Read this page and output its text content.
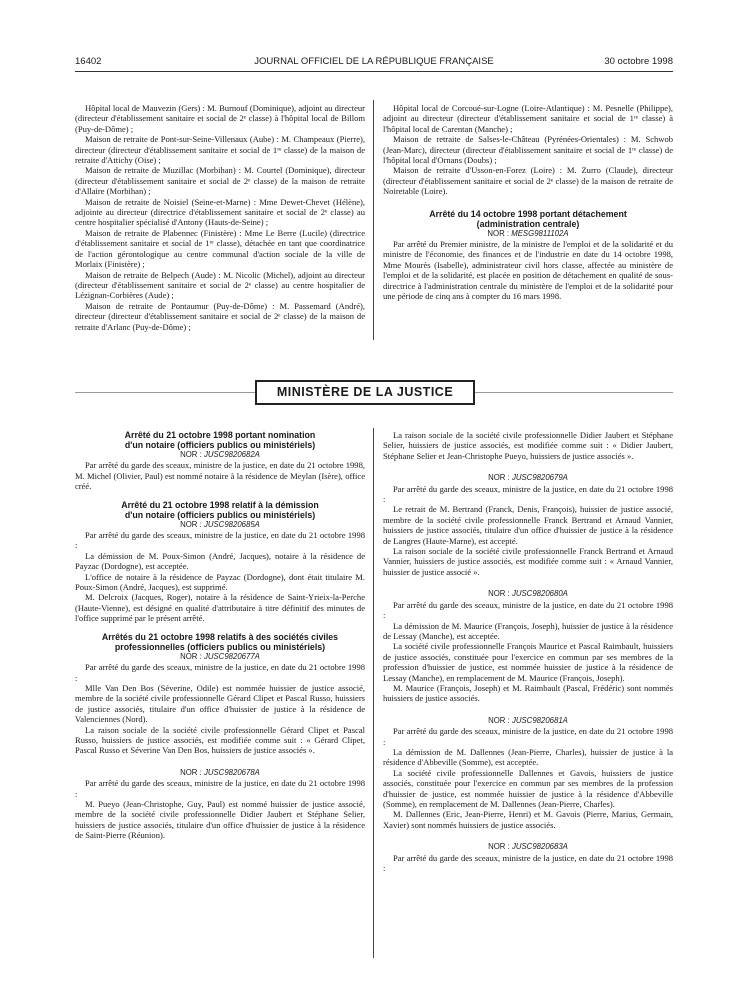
16402	JOURNAL OFFICIEL DE LA RÉPUBLIQUE FRANÇAISE	30 octobre 1998

Hôpital local de Mauvezin (Gers) : M. Burnouf (Dominique), adjoint au directeur (directeur d'établissement sanitaire et social de 2ᵉ classe) à l'hôpital local de Billom (Puy-de-Dôme) ;

Maison de retraite de Pont-sur-Seine-Villenaux (Aube) : M. Champeaux (Pierre), directeur (directeur d'établissement sanitaire et social de 1ʳᵉ classe) de la maison de retraite d'Attichy (Oise) ;

Maison de retraite de Muzillac (Morbihan) : M. Courtel (Dominique), directeur (directeur d'établissement sanitaire et social de 2ᵉ classe) de la maison de retraite d'Allaire (Morbihan) ;

Maison de retraite de Noisiel (Seine-et-Marne) : Mme Dewet-Chevet (Hélène), adjointe au directeur (directrice d'établissement sanitaire et social de 2ᵉ classe) au centre hospitalier spécialisé d'Antony (Hauts-de-Seine) ;

Maison de retraite de Plabennec (Finistère) : Mme Le Berre (Lucile) (directrice d'établissement sanitaire et social de 1ʳᵉ classe), détachée en tant que coordinatrice de l'action gérontologique au centre communal d'action sociale de la ville de Morlaix (Finistère) ;

Maison de retraite de Belpech (Aude) : M. Nicolic (Michel), adjoint au directeur (directeur d'établissement sanitaire et social de 2ᵉ classe) au centre hospitalier de Lézignan-Corbières (Aude) ;

Maison de retraite de Pontaumur (Puy-de-Dôme) : M. Passemard (André), directeur (directeur d'établissement sanitaire et social de 2ᵉ classe) de la maison de retraite d'Arlanc (Puy-de-Dôme) ;

Hôpital local de Corcoué-sur-Logne (Loire-Atlantique) : M. Pesnelle (Philippe), adjoint au directeur (directeur d'établissement sanitaire et social de 1ʳᵉ classe) à l'hôpital local de Carentan (Manche) ;

Maison de retraite de Salses-le-Château (Pyrénées-Orientales) : M. Schwob (Jean-Marc), directeur (directeur d'établissement sanitaire et social de 1ʳᵉ classe) de l'hôpital local d'Ornans (Doubs) ;

Maison de retraite d'Usson-en-Forez (Loire) : M. Zurro (Claude), directeur (directeur d'établissement sanitaire et social de 2ᵉ classe) de la maison de retraite de Noiretable (Loire).

Arrêté du 14 octobre 1998 portant détachement

(administration centrale)

NOR : MESG9811102A

Par arrêté du Premier ministre, de la ministre de l'emploi et de la solidarité et du ministre de l'économie, des finances et de l'industrie en date du 14 octobre 1998, Mme Mourès (Isabelle), administrateur civil hors classe, affectée au ministère de l'emploi et de la solidarité, est placée en position de détachement en qualité de sous-directrice à l'administration centrale du ministère de l'emploi et de la solidarité pour une période de cinq ans à compter du 16 mars 1998.

MINISTÈRE DE LA JUSTICE

Arrêté du 21 octobre 1998 portant nomination

d'un notaire (officiers publics ou ministériels)

NOR : JUSC9820682A

Par arrêté du garde des sceaux, ministre de la justice, en date du 21 octobre 1998, M. Michel (Olivier, Paul) est nommé notaire à la résidence de Meylan (Isère), office créé.

Arrêté du 21 octobre 1998 relatif à la démission

d'un notaire (officiers publics ou ministériels)

NOR : JUSC9820685A

Par arrêté du garde des sceaux, ministre de la justice, en date du 21 octobre 1998 :

La démission de M. Poux-Simon (André, Jacques), notaire à la résidence de Payzac (Dordogne), est acceptée.

L'office de notaire à la résidence de Payzac (Dordogne), dont était titulaire M. Poux-Simon (André, Jacques), est supprimé.

M. Delcroix (Jacques, Roger), notaire à la résidence de Saint-Yrieix-la-Perche (Haute-Vienne), est désigné en qualité d'attributaire à titre définitif des minutes de l'office supprimé par le présent arrêté.

Arrêtés du 21 octobre 1998 relatifs à des sociétés civiles

professionnelles (officiers publics ou ministériels)

NOR : JUSC9820677A

Par arrêté du garde des sceaux, ministre de la justice, en date du 21 octobre 1998 :

Mlle Van Den Bos (Séverine, Odile) est nommée huissier de justice associé, membre de la société civile professionnelle Gérard Clipet et Pascal Russo, huissiers de justice associés, titulaire d'un office d'huissier de justice à la résidence de Valenciennes (Nord).

La raison sociale de la société civile professionnelle Gérard Clipet et Pascal Russo, huissiers de justice associés, est modifiée comme suit : « Gérard Clipet, Pascal Russo et Séverine Van Den Bos, huissiers de justice associés ».

NOR : JUSC9820678A

Par arrêté du garde des sceaux, ministre de la justice, en date du 21 octobre 1998 :

M. Pueyo (Jean-Christophe, Guy, Paul) est nommé huissier de justice associé, membre de la société civile professionnelle Didier Jaubert et Stéphane Selier, huissiers de justice associés, titulaire d'un office d'huissier de justice à la résidence de Saint-Pierre (Réunion).

La raison sociale de la société civile professionnelle Didier Jaubert et Stéphane Selier, huissiers de justice associés, est modifiée comme suit : « Didier Jaubert, Stéphane Selier et Jean-Christophe Pueyo, huissiers de justice associés ».

NOR : JUSC9820679A

Par arrêté du garde des sceaux, ministre de la justice, en date du 21 octobre 1998 :

Le retrait de M. Bertrand (Franck, Denis, François), huissier de justice associé, membre de la société civile professionnelle Franck Bertrand et Arnaud Vannier, huissiers de justice associés, titulaire d'un office d'huissier de justice à la résidence de Langres (Haute-Marne), est accepté.

La raison sociale de la société civile professionnelle Franck Bertrand et Arnaud Vannier, huissiers de justice associés, est modifiée comme suit : « Arnaud Vannier, huissier de justice associé ».

NOR : JUSC9820680A

Par arrêté du garde des sceaux, ministre de la justice, en date du 21 octobre 1998 :

La démission de M. Maurice (François, Joseph), huissier de justice à la résidence de Lessay (Manche), est acceptée.

La société civile professionnelle François Maurice et Pascal Raimbault, huissiers de justice associés, constituée pour l'exercice en commun par ses membres de la profession d'huissier de justice, est nommée huissier de justice à la résidence de Lessay (Manche), en remplacement de M. Maurice (François, Joseph).

M. Maurice (François, Joseph) et M. Raimbault (Pascal, Frédéric) sont nommés huissiers de justice associés.

NOR : JUSC9820681A

Par arrêté du garde des sceaux, ministre de la justice, en date du 21 octobre 1998 :

La démission de M. Dallennes (Jean-Pierre, Charles), huissier de justice à la résidence d'Abbeville (Somme), est acceptée.

La société civile professionnelle Dallennes et Gavois, huissiers de justice associés, constituée pour l'exercice en commun par ses membres de la profession d'huissier de justice, est nommée huissier de justice à la résidence d'Abbeville (Somme), en remplacement de M. Dallennes (Jean-Pierre, Charles).

M. Dallennes (Eric, Jean-Pierre, Henri) et M. Gavois (Pierre, Marius, Germain, Xavier) sont nommés huissiers de justice associés.

NOR : JUSC9820683A

Par arrêté du garde des sceaux, ministre de la justice, en date du 21 octobre 1998 :
